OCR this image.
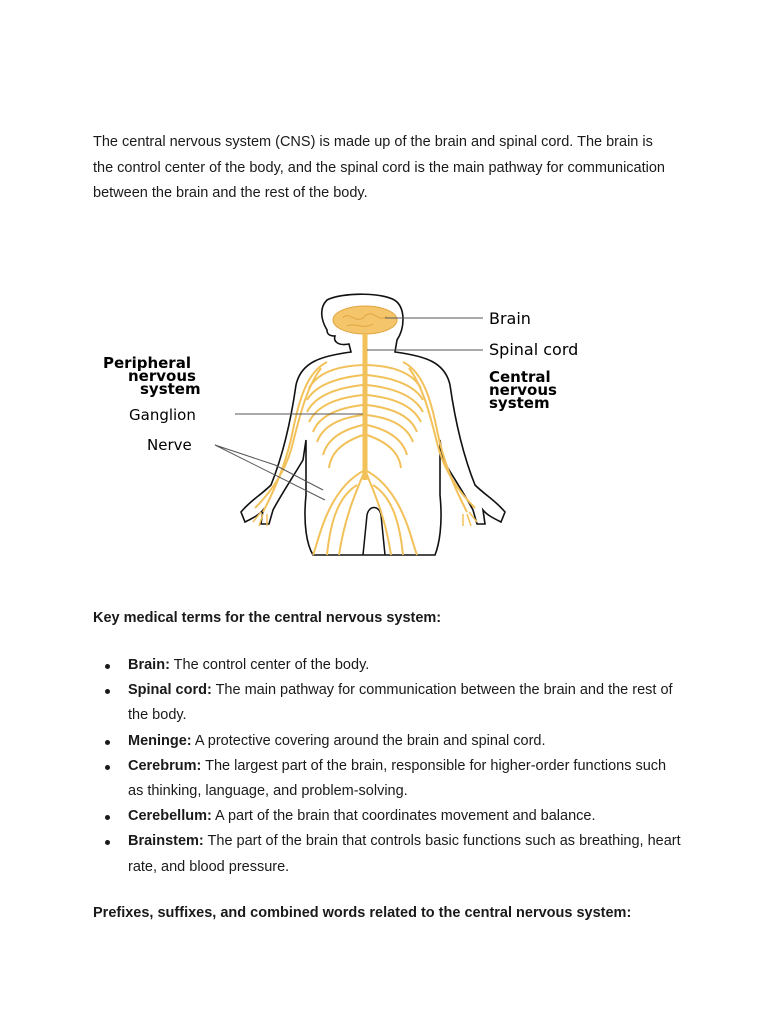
The central nervous system (CNS) is made up of the brain and spinal cord. The brain is the control center of the body, and the spinal cord is the main pathway for communication between the brain and the rest of the body.

Brain
Spinal cord
Central
nervous
system
Peripheral
nervous
system
Ganglion
Nerve

Key medical terms for the central nervous system:

Brain: The control center of the body.
Spinal cord: The main pathway for communication between the brain and the rest of the body.
Meninge: A protective covering around the brain and spinal cord.
Cerebrum: The largest part of the brain, responsible for higher-order functions such as thinking, language, and problem-solving.
Cerebellum: A part of the brain that coordinates movement and balance.
Brainstem: The part of the brain that controls basic functions such as breathing, heart rate, and blood pressure.

Prefixes, suffixes, and combined words related to the central nervous system:
